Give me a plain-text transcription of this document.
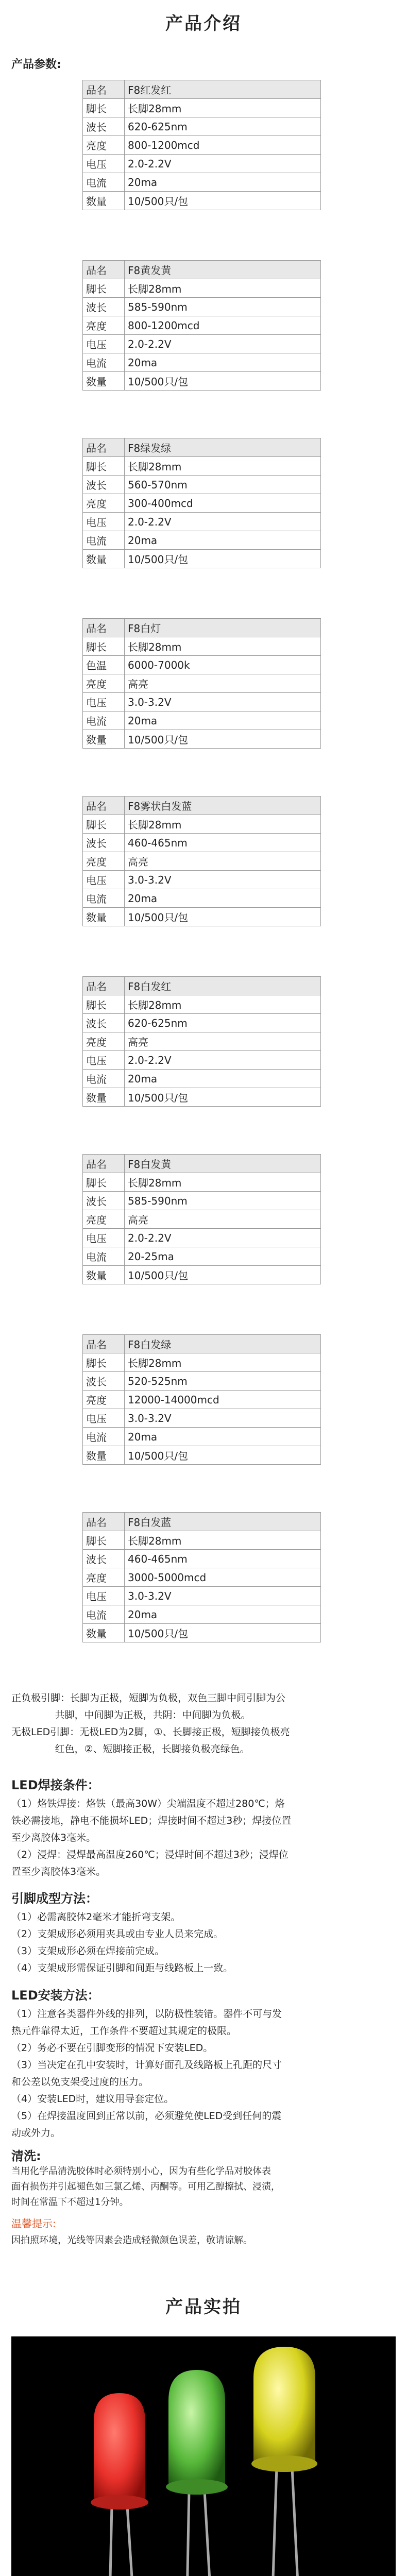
产品介绍
产品参数:
品名	F8红发红
脚长	长脚28mm
波长	620-625nm
亮度	800-1200mcd
电压	2.0-2.2V
电流	20ma
数量	10/500只/包
品名	F8黄发黄
脚长	长脚28mm
波长	585-590nm
亮度	800-1200mcd
电压	2.0-2.2V
电流	20ma
数量	10/500只/包
品名	F8绿发绿
脚长	长脚28mm
波长	560-570nm
亮度	300-400mcd
电压	2.0-2.2V
电流	20ma
数量	10/500只/包
品名	F8白灯
脚长	长脚28mm
色温	6000-7000k
亮度	高亮
电压	3.0-3.2V
电流	20ma
数量	10/500只/包
品名	F8雾状白发蓝
脚长	长脚28mm
波长	460-465nm
亮度	高亮
电压	3.0-3.2V
电流	20ma
数量	10/500只/包
品名	F8白发红
脚长	长脚28mm
波长	620-625nm
亮度	高亮
电压	2.0-2.2V
电流	20ma
数量	10/500只/包
品名	F8白发黄
脚长	长脚28mm
波长	585-590nm
亮度	高亮
电压	2.0-2.2V
电流	20-25ma
数量	10/500只/包
品名	F8白发绿
脚长	长脚28mm
波长	520-525nm
亮度	12000-14000mcd
电压	3.0-3.2V
电流	20ma
数量	10/500只/包
品名	F8白发蓝
脚长	长脚28mm
波长	460-465nm
亮度	3000-5000mcd
电压	3.0-3.2V
电流	20ma
数量	10/500只/包

正负极引脚：长脚为正极，短脚为负极，双色三脚中间引脚为公

共脚，中间脚为正极，共阴：中间脚为负极。

无极LED引脚：无极LED为2脚，①、长脚接正极，短脚接负极亮

红色，②、短脚接正极，长脚接负极亮绿色。

LED焊接条件：

（1）烙铁焊接：烙铁（最高30W）尖端温度不超过280℃；烙

铁必需接地，静电不能损坏LED；焊接时间不超过3秒；焊接位置

至少离胶体3毫米。

（2）浸焊：浸焊最高温度260℃；浸焊时间不超过3秒；浸焊位

置至少离胶体3毫米。

引脚成型方法：

（1）必需离胶体2毫米才能折弯支架。

（2）支架成形必须用夹具或由专业人员来完成。

（3）支架成形必须在焊接前完成。

（4）支架成形需保证引脚和间距与线路板上一致。

LED安装方法：

（1）注意各类器件外线的排列，以防极性装错。器件不可与发

热元件靠得太近，工作条件不要超过其规定的极限。

（2）务必不要在引脚变形的情况下安装LED。

（3）当决定在孔中安装时，计算好面孔及线路板上孔距的尺寸

和公差以免支架受过度的压力。

（4）安装LED时，建议用导套定位。

（5）在焊接温度回到正常以前，必须避免使LED受到任何的震

动或外力。

清洗:

当用化学品清洗胶体时必须特别小心，因为有些化学品对胶体表

面有损伤并引起褪色如三氯乙烯、丙酮等。可用乙醇擦拭、浸渍，

时间在常温下不超过1分钟。

产品实拍
温馨提示:

因拍照环境，光线等因素会造成轻微颜色误差，敬请谅解。
